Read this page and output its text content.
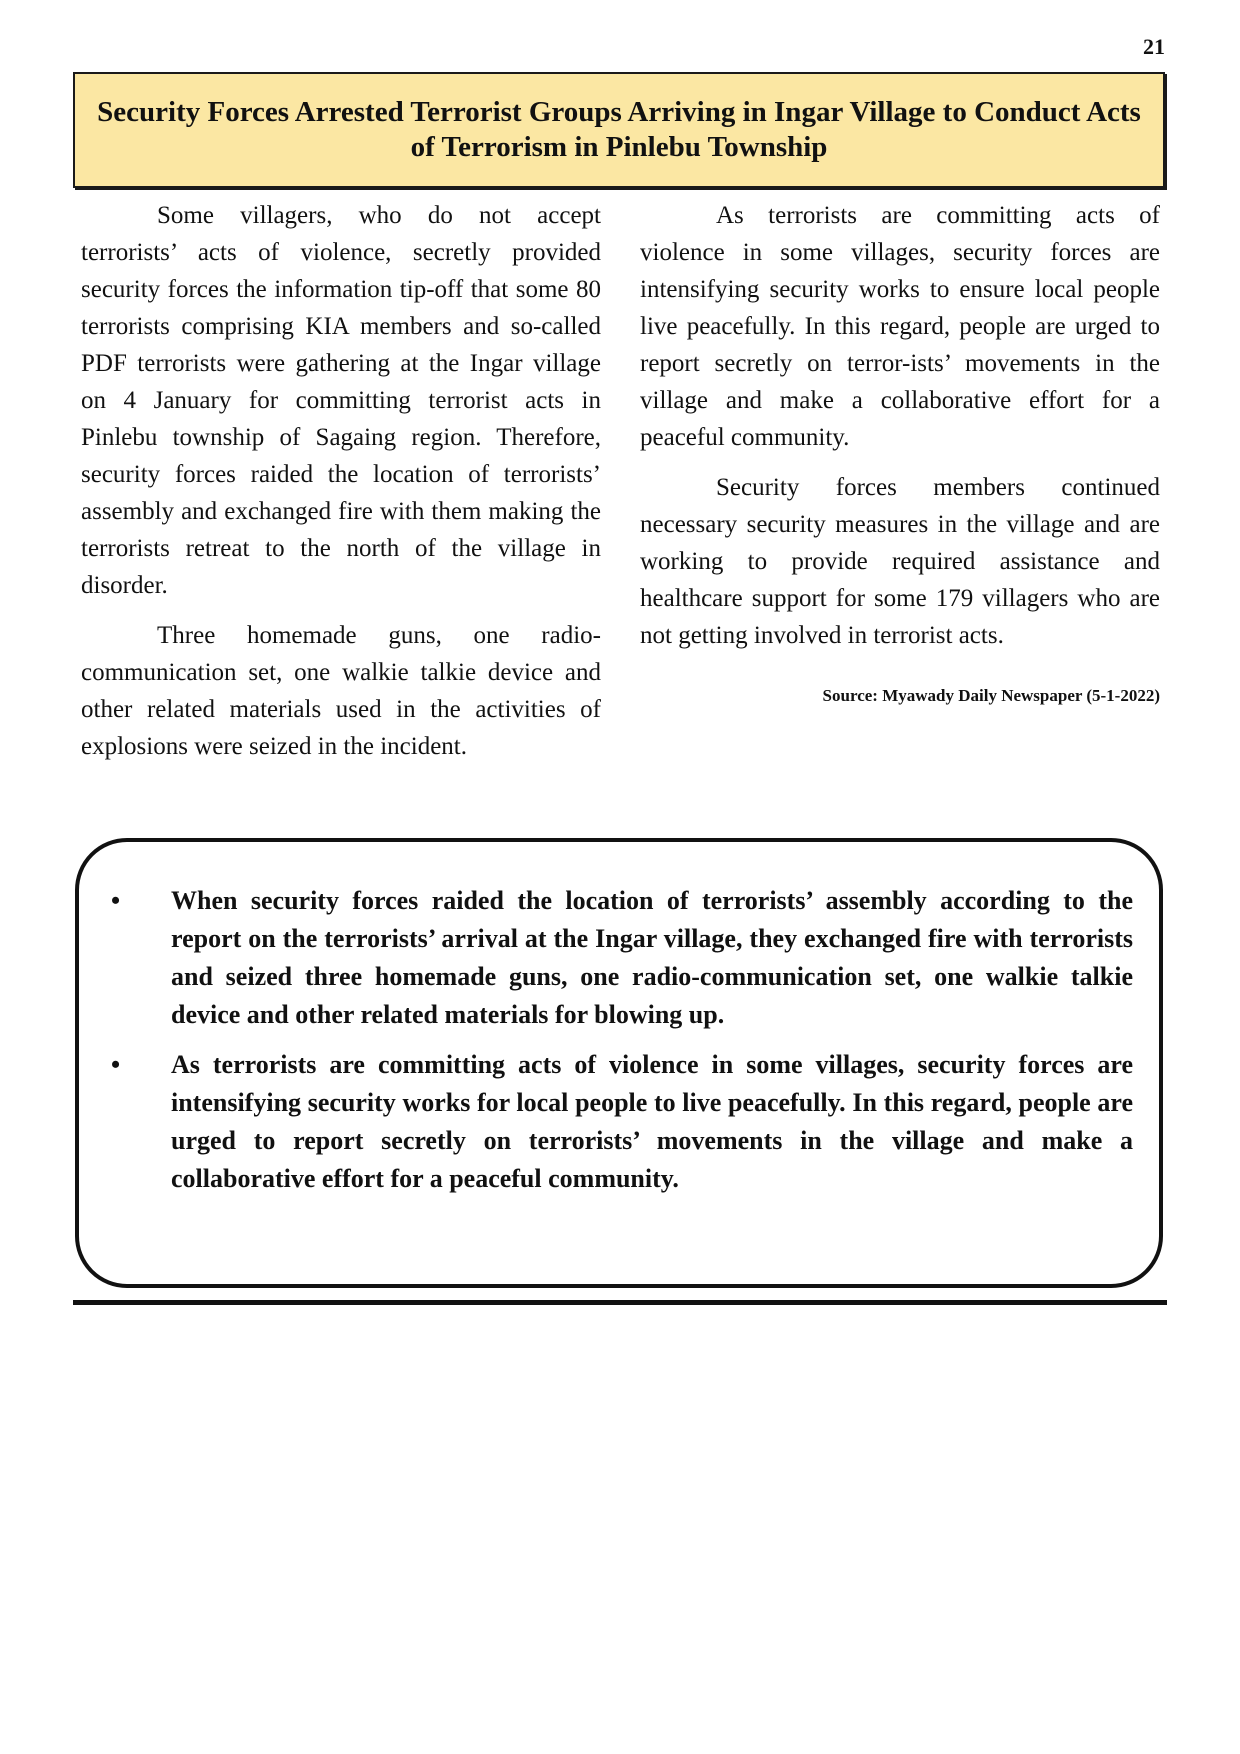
21
Security Forces Arrested Terrorist Groups Arriving in Ingar Village to Conduct Acts of Terrorism in Pinlebu Township

Some villagers, who do not accept terrorists’ acts of violence, secretly provided security forces the information tip-off that some 80 terrorists comprising KIA members and so-called PDF terrorists were gathering at the Ingar village on 4 January for committing terrorist acts in Pinlebu township of Sagaing region. Therefore, security forces raided the location of terrorists’ assembly and exchanged fire with them making the terrorists retreat to the north of the village in disorder.

Three homemade guns, one radio-communication set, one walkie talkie device and other related materials used in the activities of explosions were seized in the incident.

As terrorists are committing acts of violence in some villages, security forces are intensifying security works to ensure local people live peacefully. In this regard, people are urged to report secretly on terror-ists’ movements in the village and make a collaborative effort for a peaceful community.

Security forces members continued necessary security measures in the village and are working to provide required assistance and healthcare support for some 179 villagers who are not getting involved in terrorist acts.

Source: Myawady Daily Newspaper (5-1-2022)
• When security forces raided the location of terrorists’ assembly according to the report on the terrorists’ arrival at the Ingar village, they exchanged fire with terrorists and seized three homemade guns, one radio-communication set, one walkie talkie device and other related materials for blowing up.
• As terrorists are committing acts of violence in some villages, security forces are intensifying security works for local people to live peacefully. In this regard, people are urged to report secretly on terrorists’ movements in the village and make a collaborative effort for a peaceful community.
